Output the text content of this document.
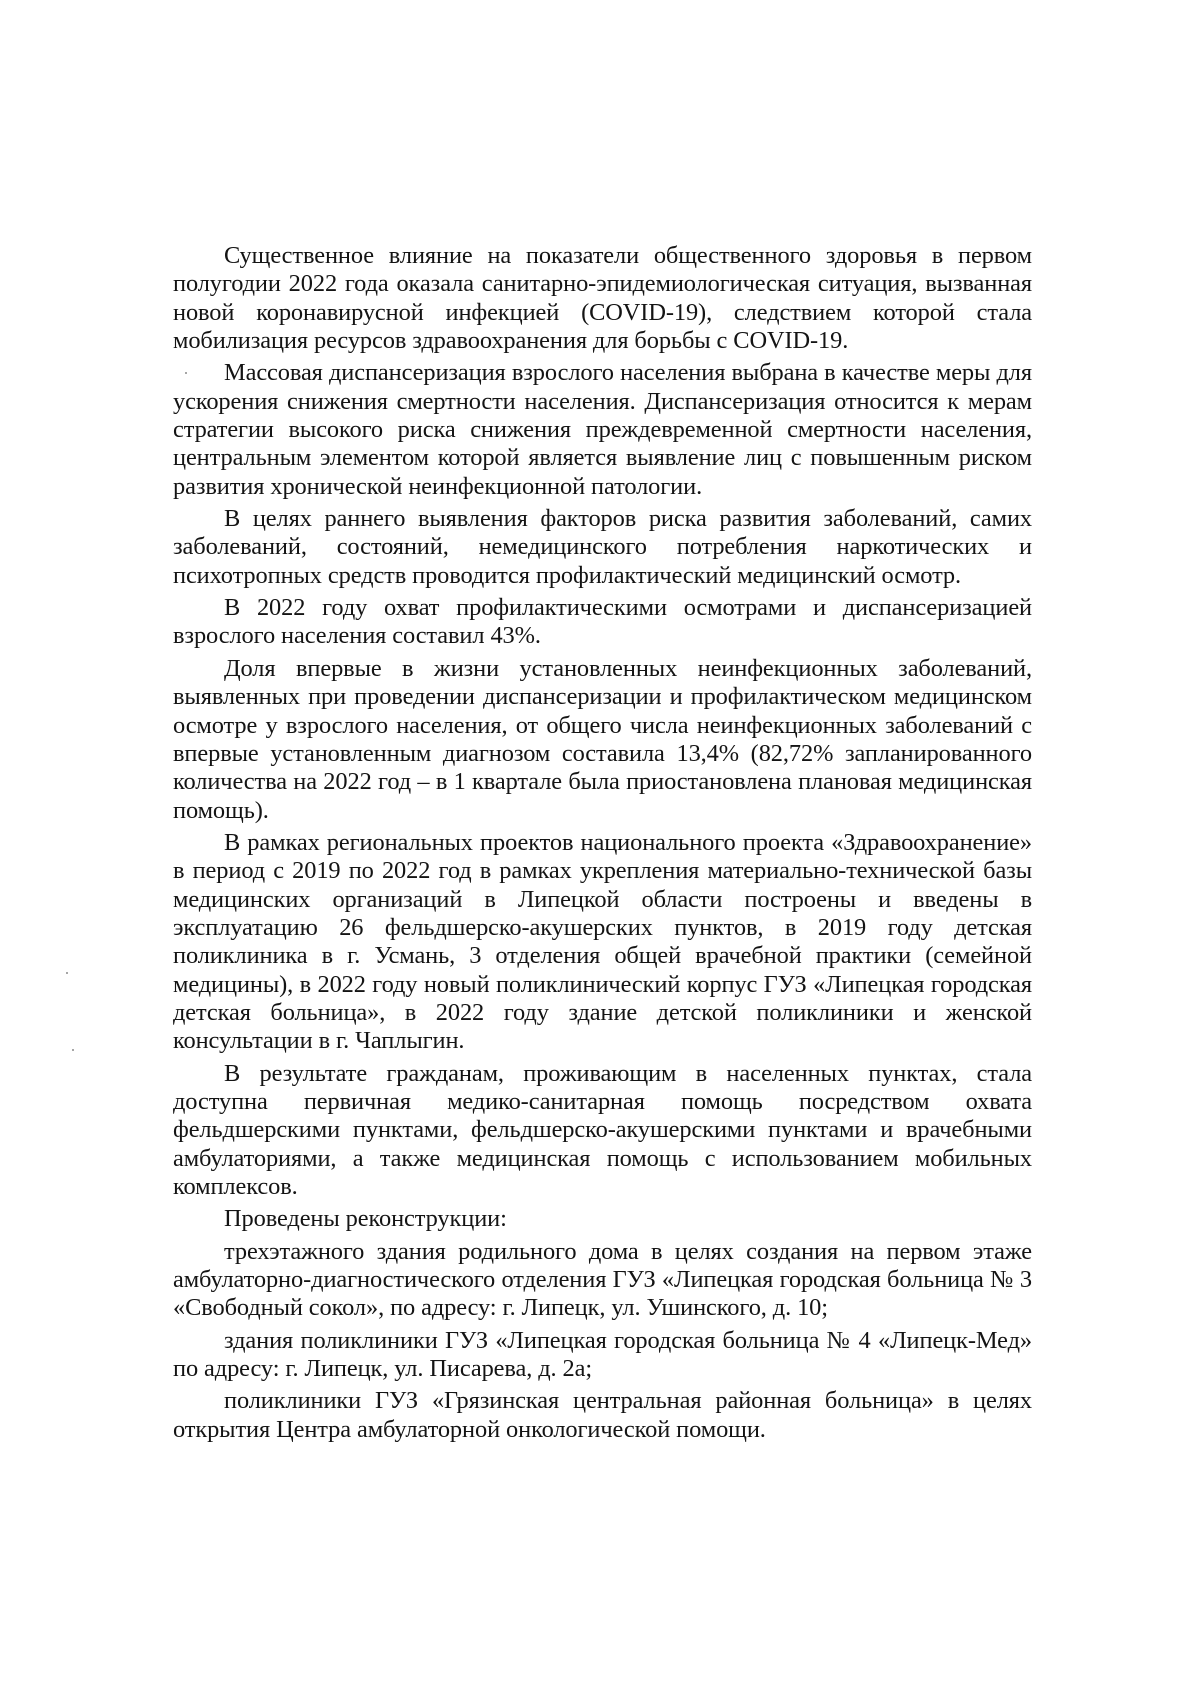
Существенное влияние на показатели общественного здоровья в первом полугодии 2022 года оказала санитарно-эпидемиологическая ситуация, вызванная новой коронавирусной инфекцией (COVID-19), следствием которой стала мобилизация ресурсов здравоохранения для борьбы с COVID-19.

Массовая диспансеризация взрослого населения выбрана в качестве меры для ускорения снижения смертности населения. Диспансеризация относится к мерам стратегии высокого риска снижения преждевременной смертности населения, центральным элементом которой является выявление лиц с повышенным риском развития хронической неинфекционной патологии.

В целях раннего выявления факторов риска развития заболеваний, самих заболеваний, состояний, немедицинского потребления наркотических и психотропных средств проводится профилактический медицинский осмотр.

В 2022 году охват профилактическими осмотрами и диспансеризацией взрослого населения составил 43%.

Доля впервые в жизни установленных неинфекционных заболеваний, выявленных при проведении диспансеризации и профилактическом медицинском осмотре у взрослого населения, от общего числа неинфекционных заболеваний с впервые установленным диагнозом составила 13,4% (82,72% запланированного количества на 2022 год – в 1 квартале была приостановлена плановая медицинская помощь).

В рамках региональных проектов национального проекта «Здравоохранение» в период с 2019 по 2022 год в рамках укрепления материально-технической базы медицинских организаций в Липецкой области построены и введены в эксплуатацию 26 фельдшерско-акушерских пунктов, в 2019 году детская поликлиника в г. Усмань, 3 отделения общей врачебной практики (семейной медицины), в 2022 году новый поликлинический корпус ГУЗ «Липецкая городская детская больница», в 2022 году здание детской поликлиники и женской консультации в г. Чаплыгин.

В результате гражданам, проживающим в населенных пунктах, стала доступна первичная медико-санитарная помощь посредством охвата фельдшерскими пунктами, фельдшерско-акушерскими пунктами и врачебными амбулаториями, а также медицинская помощь с использованием мобильных комплексов.

Проведены реконструкции:

трехэтажного здания родильного дома в целях создания на первом этаже амбулаторно-диагностического отделения ГУЗ «Липецкая городская больница № 3 «Свободный сокол», по адресу: г. Липецк, ул. Ушинского, д. 10;

здания поликлиники ГУЗ «Липецкая городская больница № 4 «Липецк-Мед» по адресу: г. Липецк, ул. Писарева, д. 2а;

поликлиники ГУЗ «Грязинская центральная районная больница» в целях открытия Центра амбулаторной онкологической помощи.
